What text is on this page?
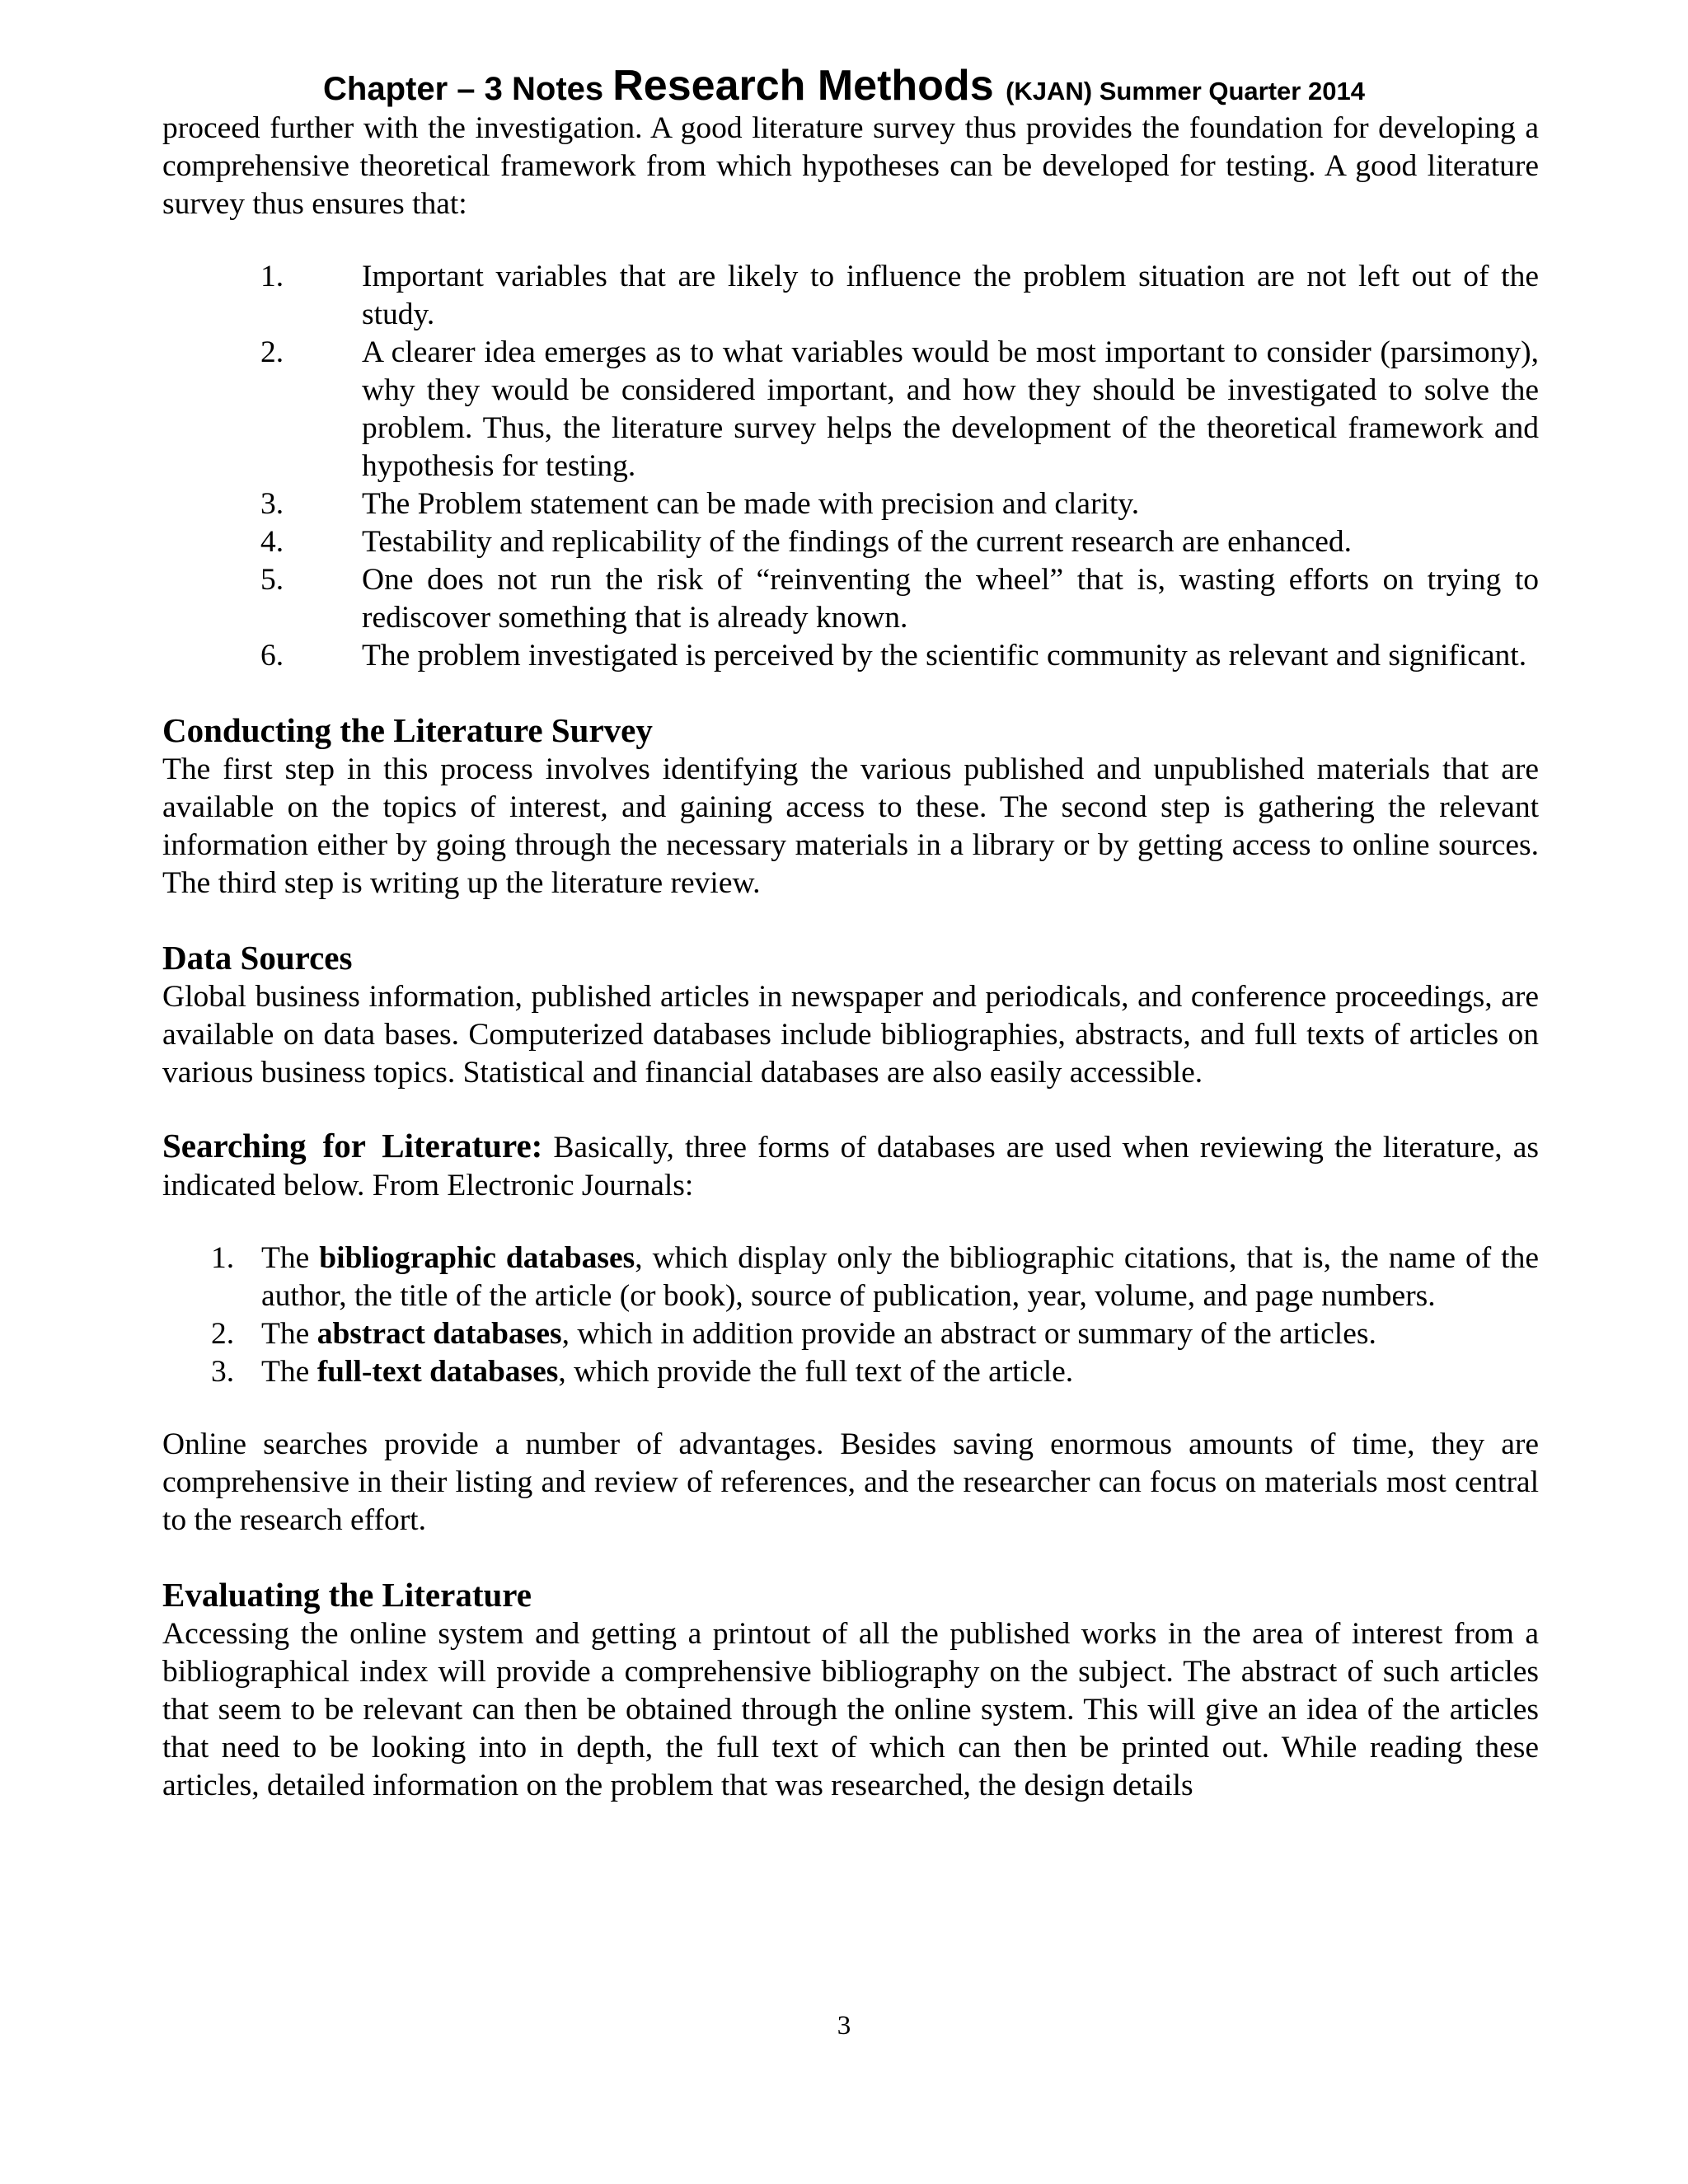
Chapter – 3 Notes Research Methods (KJAN) Summer Quarter 2014

proceed further with the investigation. A good literature survey thus provides the foundation for developing a comprehensive theoretical framework from which hypotheses can be developed for testing. A good literature survey thus ensures that:

1.	Important variables that are likely to influence the problem situation are not left out of the study.
2.	A clearer idea emerges as to what variables would be most important to consider (parsimony), why they would be considered important, and how they should be investigated to solve the problem. Thus, the literature survey helps the development of the theoretical framework and hypothesis for testing.
3.	The Problem statement can be made with precision and clarity.
4.	Testability and replicability of the findings of the current research are enhanced.
5.	One does not run the risk of “reinventing the wheel” that is, wasting efforts on trying to rediscover something that is already known.
6.	The problem investigated is perceived by the scientific community as relevant and significant.
Conducting the Literature Survey

The first step in this process involves identifying the various published and unpublished materials that are available on the topics of interest, and gaining access to these. The second step is gathering the relevant information either by going through the necessary materials in a library or by getting access to online sources. The third step is writing up the literature review.

Data Sources

Global business information, published articles in newspaper and periodicals, and conference proceedings, are available on data bases. Computerized databases include bibliographies, abstracts, and full texts of articles on various business topics. Statistical and financial databases are also easily accessible.

Searching for Literature: Basically, three forms of databases are used when reviewing the literature, as indicated below. From Electronic Journals:

1. The bibliographic databases, which display only the bibliographic citations, that is, the name of the author, the title of the article (or book), source of publication, year, volume, and page numbers.
2. The abstract databases, which in addition provide an abstract or summary of the articles.
3. The full-text databases, which provide the full text of the article.

Online searches provide a number of advantages. Besides saving enormous amounts of time, they are comprehensive in their listing and review of references, and the researcher can focus on materials most central to the research effort.

Evaluating the Literature

Accessing the online system and getting a printout of all the published works in the area of interest from a bibliographical index will provide a comprehensive bibliography on the subject. The abstract of such articles that seem to be relevant can then be obtained through the online system. This will give an idea of the articles that need to be looking into in depth, the full text of which can then be printed out. While reading these articles, detailed information on the problem that was researched, the design details

3
